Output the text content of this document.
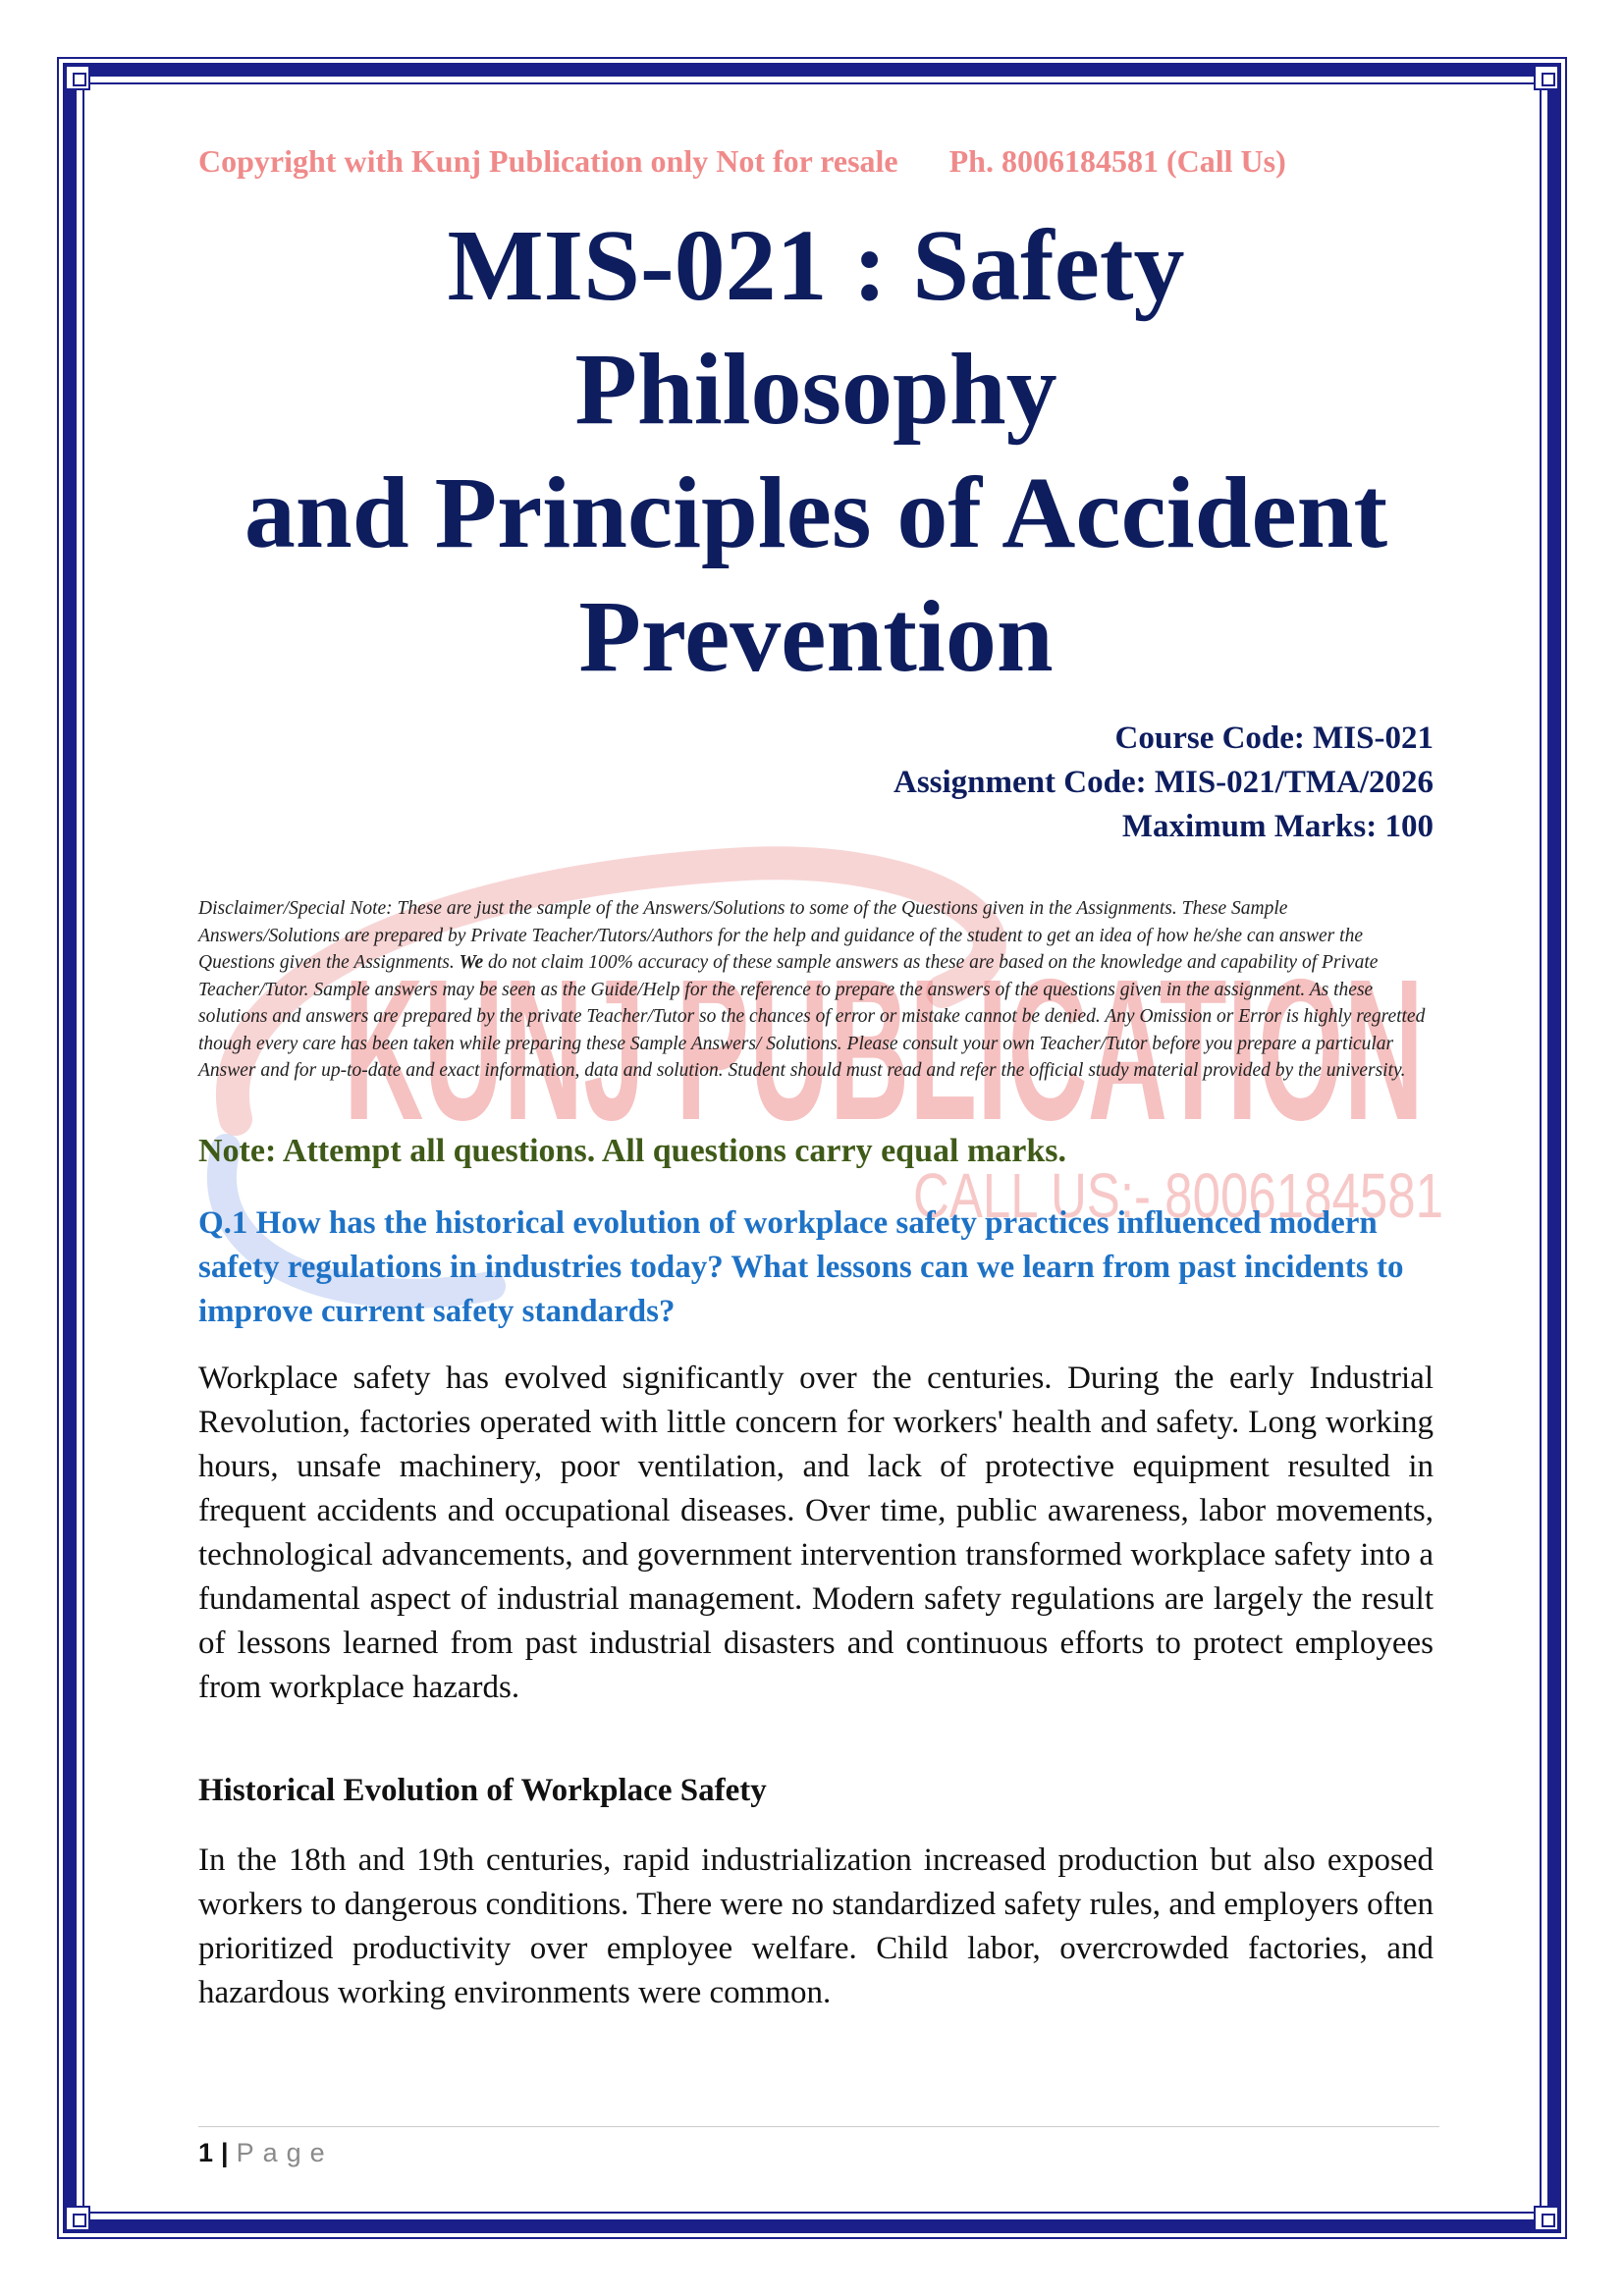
KUNJ PUBLICATION
CALL US:- 8006184581
Copyright with Kunj Publication only Not for resale Ph. 8006184581 (Call Us)
MIS-021 : Safety Philosophy
and Principles of Accident
Prevention
Course Code: MIS-021
Assignment Code: MIS-021/TMA/2026
Maximum Marks: 100

Disclaimer/Special Note: These are just the sample of the Answers/Solutions to some of the Questions given in the Assignments. These Sample Answers/Solutions are prepared by Private Teacher/Tutors/Authors for the help and guidance of the student to get an idea of how he/she can answer the Questions given the Assignments. We do not claim 100% accuracy of these sample answers as these are based on the knowledge and capability of Private Teacher/Tutor. Sample answers may be seen as the Guide/Help for the reference to prepare the answers of the questions given in the assignment. As these solutions and answers are prepared by the private Teacher/Tutor so the chances of error or mistake cannot be denied. Any Omission or Error is highly regretted though every care has been taken while preparing these Sample Answers/ Solutions. Please consult your own Teacher/Tutor before you prepare a particular Answer and for up-to-date and exact information, data and solution. Student should must read and refer the official study material provided by the university.

Note: Attempt all questions. All questions carry equal marks.

Q.1 How has the historical evolution of workplace safety practices influenced modern safety regulations in industries today? What lessons can we learn from past incidents to improve current safety standards?

Workplace safety has evolved significantly over the centuries. During the early Industrial Revolution, factories operated with little concern for workers' health and safety. Long working hours, unsafe machinery, poor ventilation, and lack of protective equipment resulted in frequent accidents and occupational diseases. Over time, public awareness, labor movements, technological advancements, and government intervention transformed workplace safety into a fundamental aspect of industrial management. Modern safety regulations are largely the result of lessons learned from past industrial disasters and continuous efforts to protect employees from workplace hazards.

Historical Evolution of Workplace Safety

In the 18th and 19th centuries, rapid industrialization increased production but also exposed workers to dangerous conditions. There were no standardized safety rules, and employers often prioritized productivity over employee welfare. Child labor, overcrowded factories, and hazardous working environments were common.

1 | Page
